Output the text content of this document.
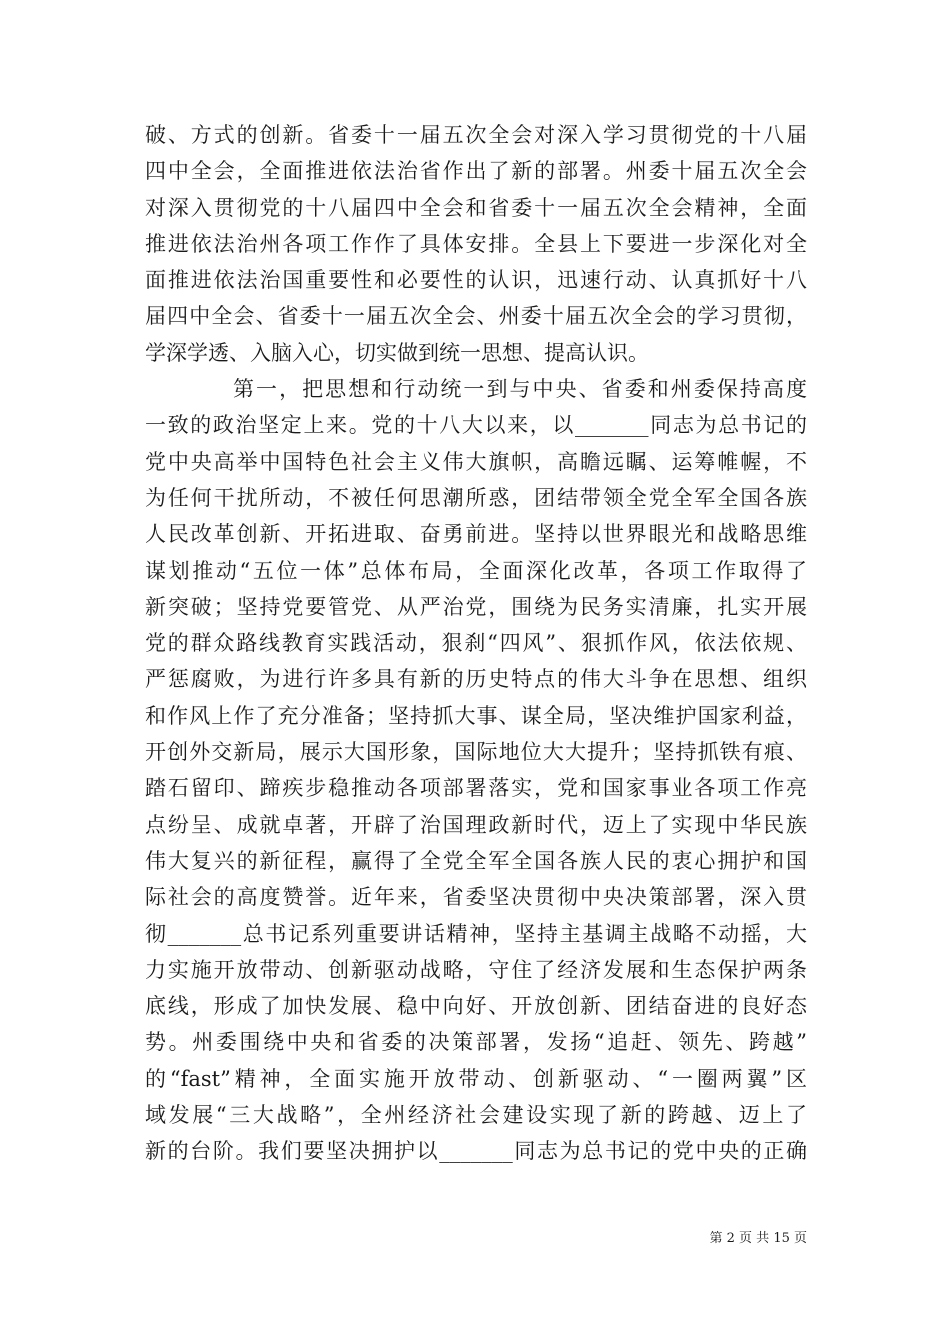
破、方式的创新。省委十一届五次全会对深入学习贯彻党的十八届
四中全会，全面推进依法治省作出了新的部署。州委十届五次全会
对深入贯彻党的十八届四中全会和省委十一届五次全会精神，全面
推进依法治州各项工作作了具体安排。全县上下要进一步深化对全
面推进依法治国重要性和必要性的认识，迅速行动、认真抓好十八
届四中全会、省委十一届五次全会、州委十届五次全会的学习贯彻，
学深学透、入脑入心，切实做到统一思想、提高认识。

第一，把思想和行动统一到与中央、省委和州委保持高度
一致的政治坚定上来。党的十八大以来，以_______同志为总书记的
党中央高举中国特色社会主义伟大旗帜，高瞻远瞩、运筹帷幄，不
为任何干扰所动，不被任何思潮所惑，团结带领全党全军全国各族
人民改革创新、开拓进取、奋勇前进。坚持以世界眼光和战略思维
谋划推动“五位一体”总体布局，全面深化改革，各项工作取得了
新突破；坚持党要管党、从严治党，围绕为民务实清廉，扎实开展
党的群众路线教育实践活动，狠刹“四风”、狠抓作风，依法依规、
严惩腐败，为进行许多具有新的历史特点的伟大斗争在思想、组织
和作风上作了充分准备；坚持抓大事、谋全局，坚决维护国家利益，
开创外交新局，展示大国形象，国际地位大大提升；坚持抓铁有痕、
踏石留印、蹄疾步稳推动各项部署落实，党和国家事业各项工作亮
点纷呈、成就卓著，开辟了治国理政新时代，迈上了实现中华民族
伟大复兴的新征程，赢得了全党全军全国各族人民的衷心拥护和国
际社会的高度赞誉。近年来，省委坚决贯彻中央决策部署，深入贯
彻_______总书记系列重要讲话精神，坚持主基调主战略不动摇，大
力实施开放带动、创新驱动战略，守住了经济发展和生态保护两条
底线，形成了加快发展、稳中向好、开放创新、团结奋进的良好态
势。州委围绕中央和省委的决策部署，发扬“追赶、领先、跨越”
的“fast”精神，全面实施开放带动、创新驱动、“一圈两翼”区
域发展“三大战略”，全州经济社会建设实现了新的跨越、迈上了
新的台阶。我们要坚决拥护以_______同志为总书记的党中央的正确

第 2 页 共 15 页
